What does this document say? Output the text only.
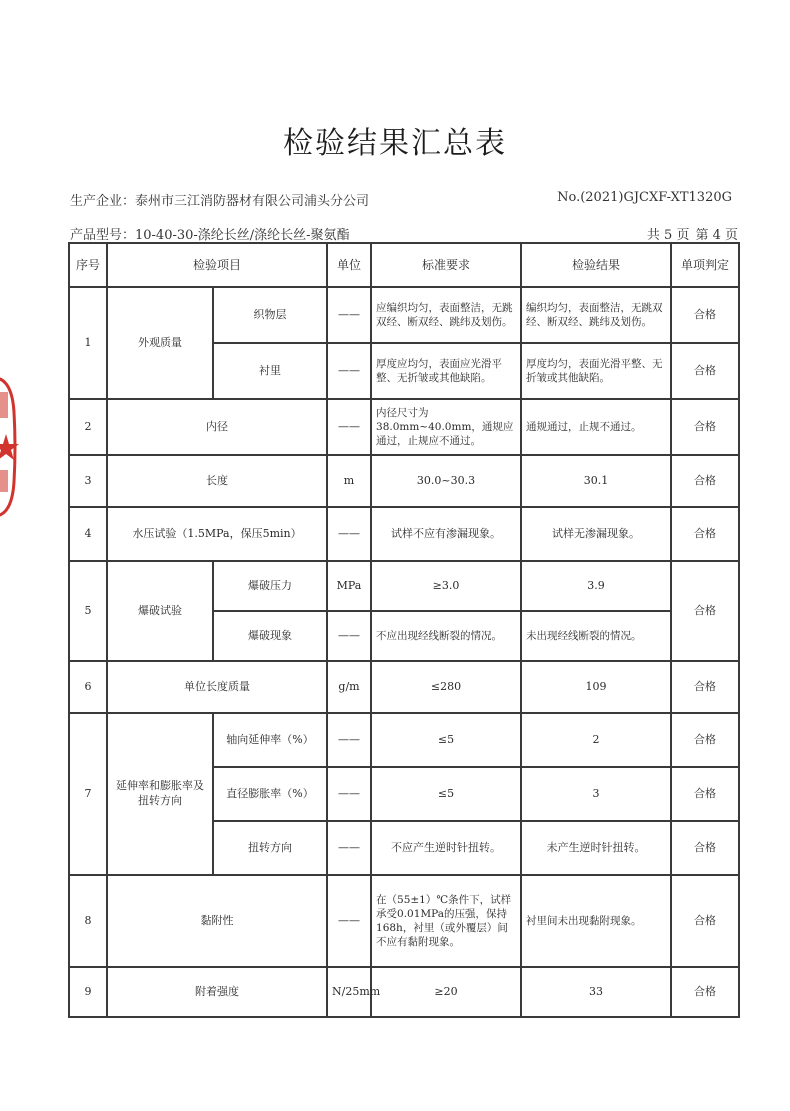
检验结果汇总表
生产企业：泰州市三江消防器材有限公司浦头分公司	No.(2021)GJCXF-XT1320G
产品型号：10-40-30-涤纶长丝/涤纶长丝-聚氨酯	共 5 页 第 4 页
序号	检验项目		单位	标准要求	检验结果	单项判定
1	外观质量	织物层	——	应编织均匀，表面整洁，无跳双经、断双经、跳纬及划伤。	编织均匀，表面整洁，无跳双经、断双经、跳纬及划伤。	合格
		衬里	——	厚度应均匀，表面应光滑平整、无折皱或其他缺陷。	厚度均匀，表面光滑平整、无折皱或其他缺陷。	合格
2	内径		——	内径尺寸为38.0mm~40.0mm，通规应通过，止规应不通过。	通规通过，止规不通过。	合格
3	长度		m	30.0~30.3	30.1	合格
4	水压试验（1.5MPa，保压5min）		——	试样不应有渗漏现象。	试样无渗漏现象。	合格
5	爆破试验	爆破压力	MPa	≥3.0	3.9	合格
		爆破现象	——	不应出现经线断裂的情况。	未出现经线断裂的情况。	
6	单位长度质量		g/m	≤280	109	合格
7	延伸率和膨胀率及扭转方向	轴向延伸率（%）	——	≤5	2	合格
		直径膨胀率（%）	——	≤5	3	合格
		扭转方向	——	不应产生逆时针扭转。	未产生逆时针扭转。	合格
8	黏附性		——	在（55±1）℃条件下，试样承受0.01MPa的压强，保持168h，衬里（或外覆层）间不应有黏附现象。	衬里间未出现黏附现象。	合格
9	附着强度		N/25mm	≥20	33	合格
